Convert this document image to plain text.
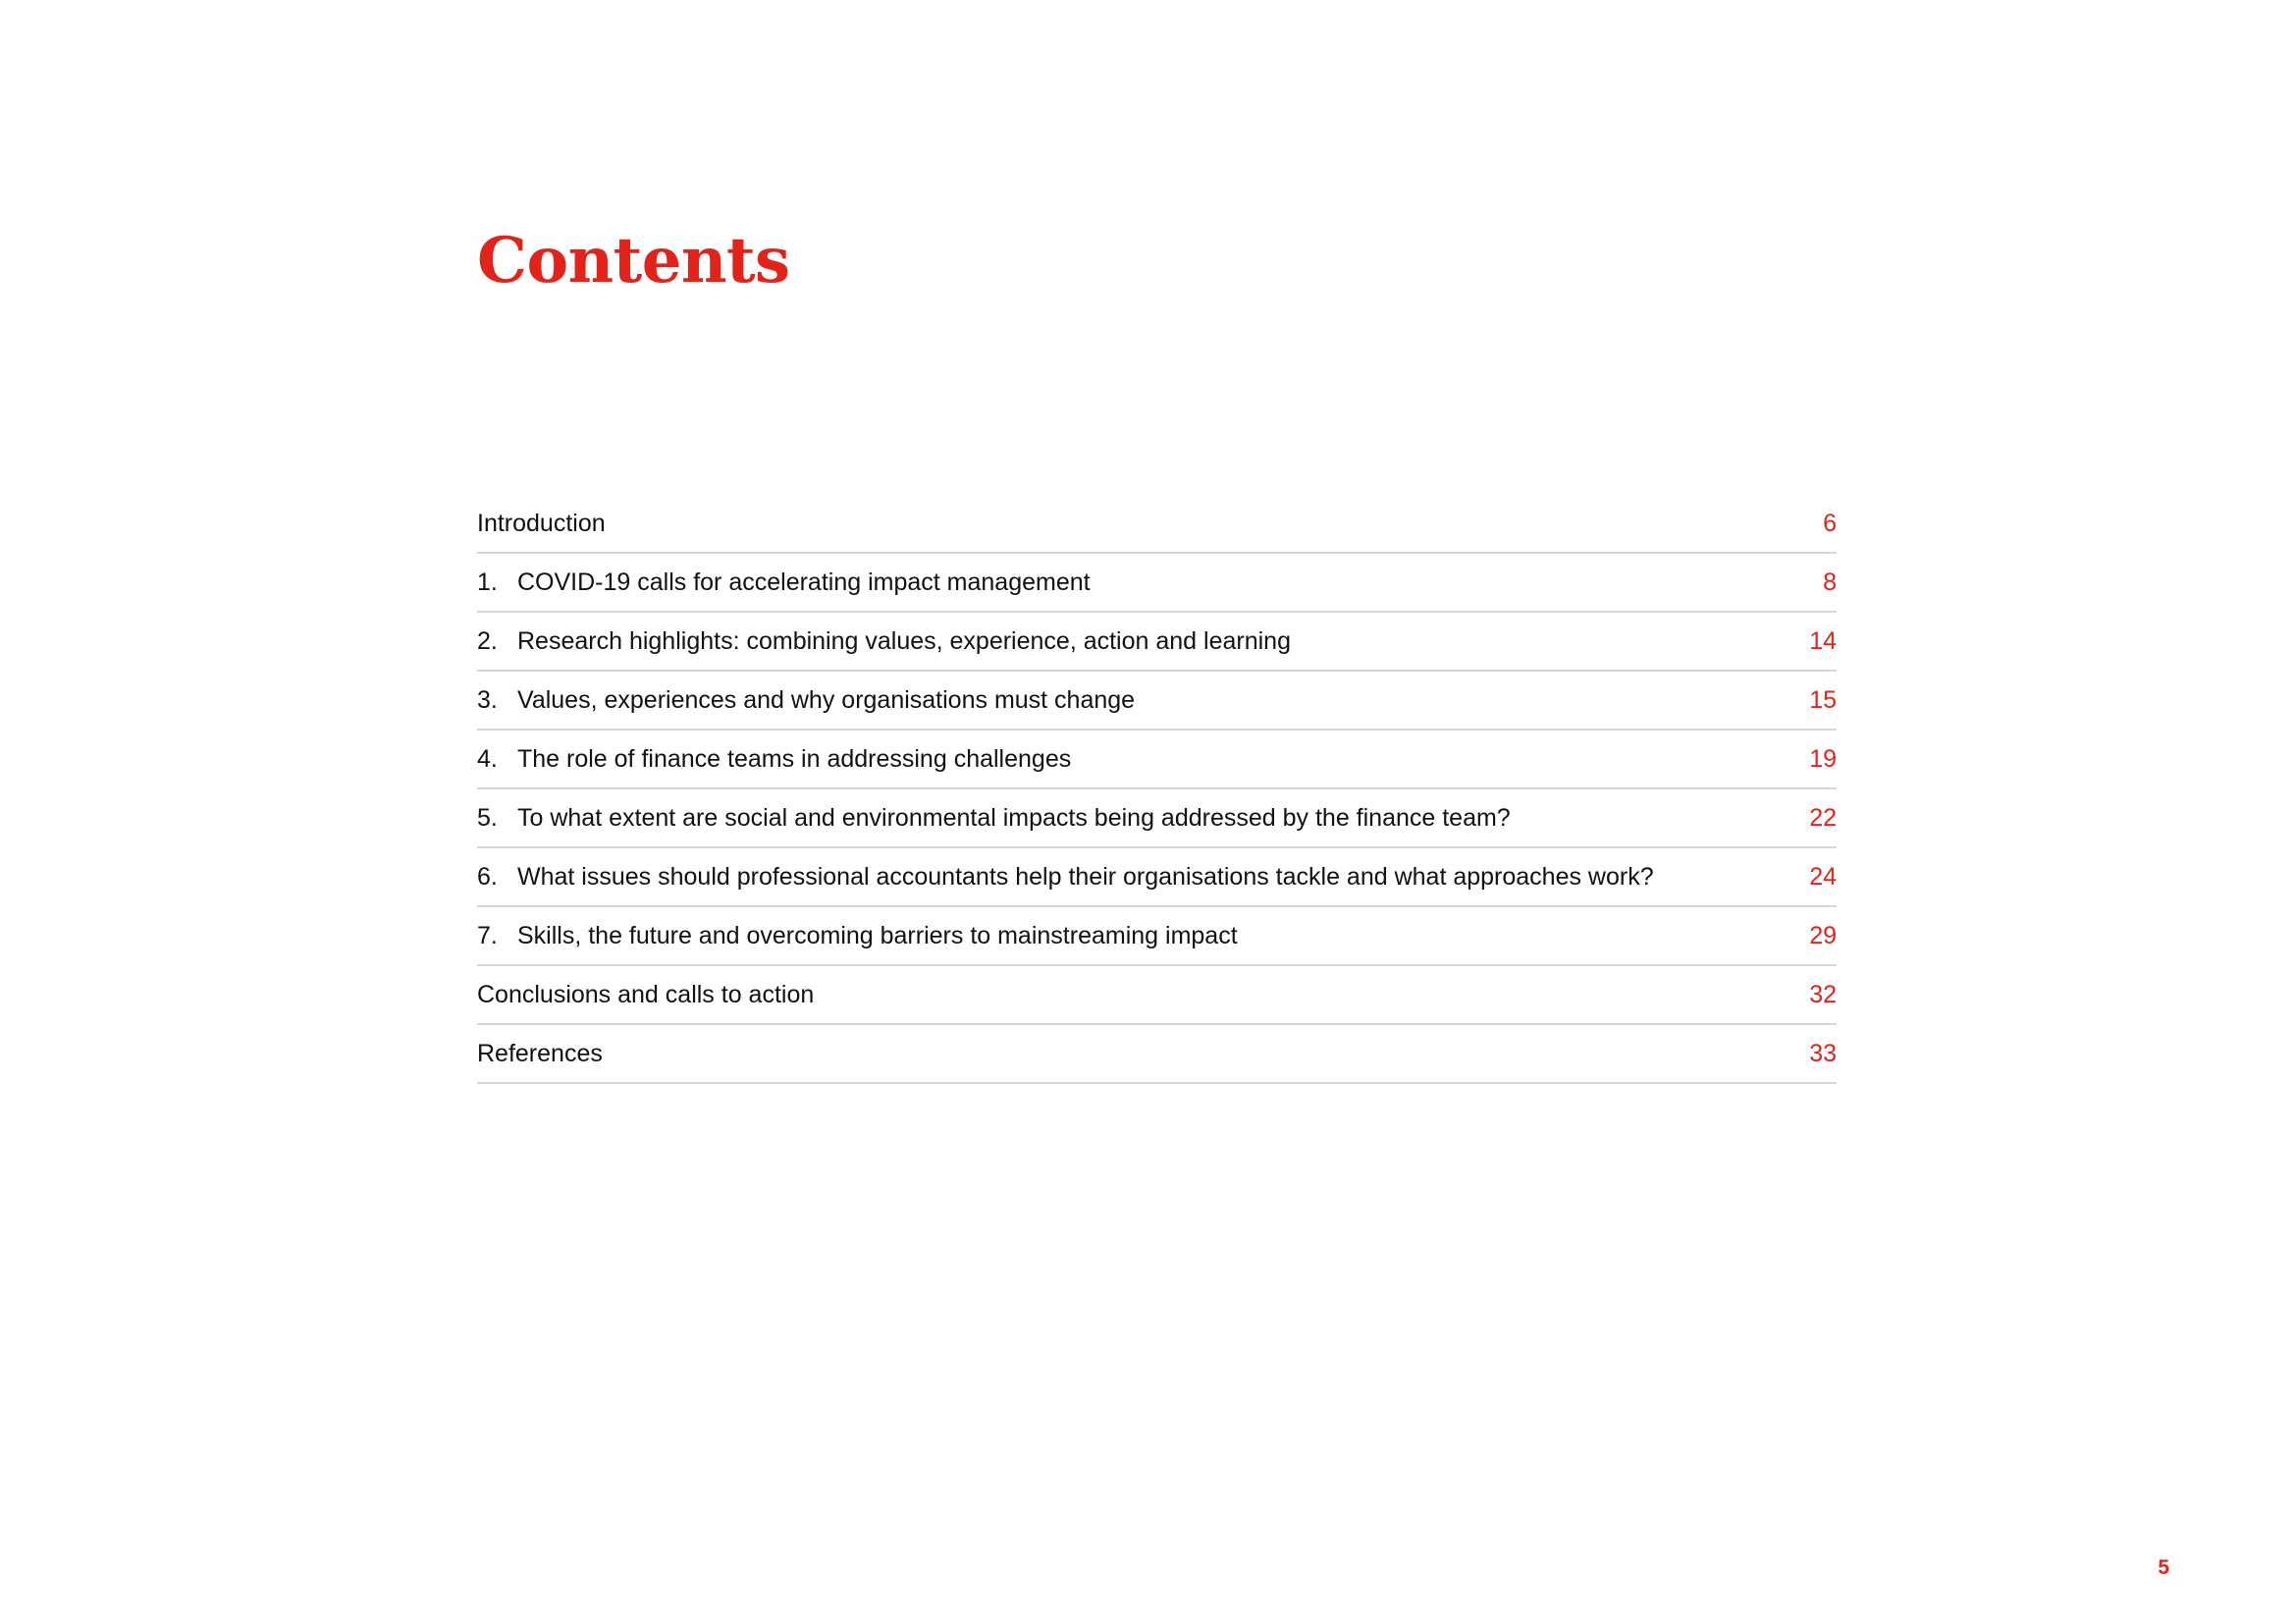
Contents
Introduction	6
1. COVID-19 calls for accelerating impact management	8
2. Research highlights: combining values, experience, action and learning	14
3. Values, experiences and why organisations must change	15
4. The role of finance teams in addressing challenges	19
5. To what extent are social and environmental impacts being addressed by the finance team?	22
6. What issues should professional accountants help their organisations tackle and what approaches work?	24
7. Skills, the future and overcoming barriers to mainstreaming impact	29
Conclusions and calls to action	32
References	33
5
